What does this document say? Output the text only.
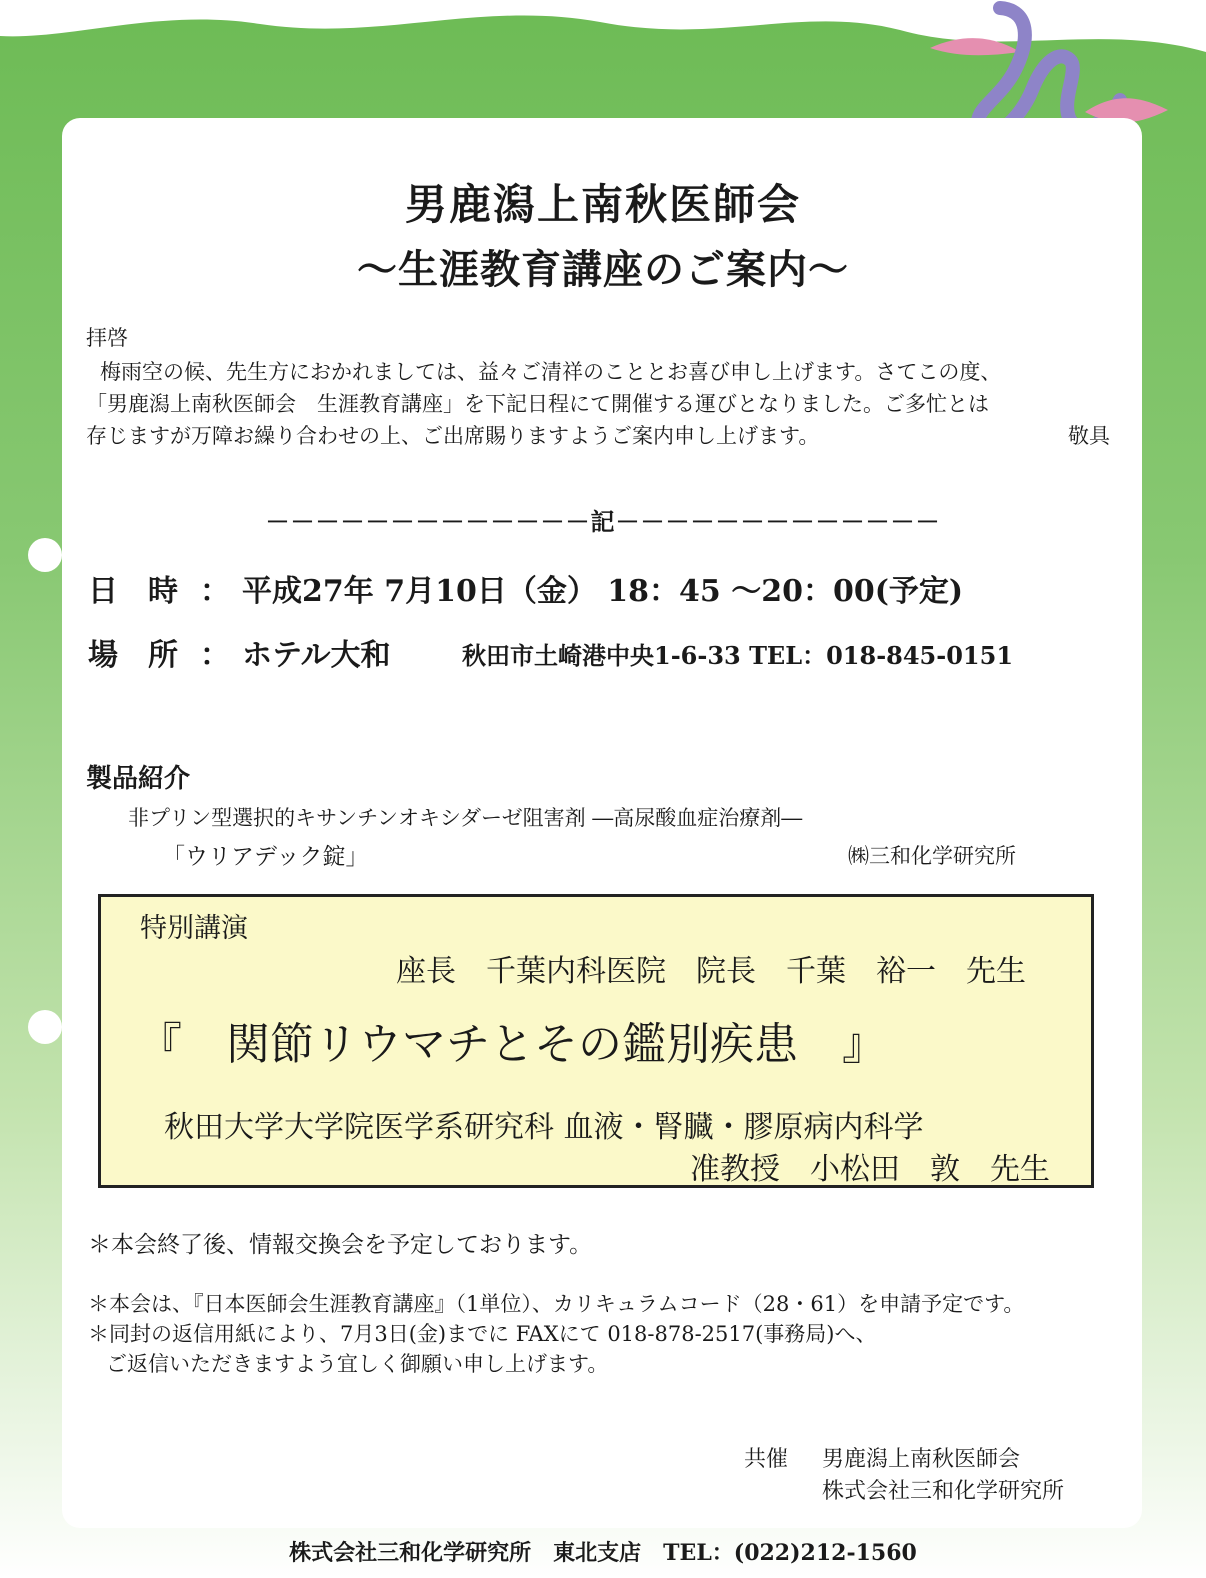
男鹿潟上南秋医師会
～生涯教育講座のご案内～
拝啓
梅雨空の候、先生方におかれましては、益々ご清祥のこととお喜び申し上げます。さてこの度、
「男鹿潟上南秋医師会　生涯教育講座」を下記日程にて開催する運びとなりました。ご多忙とは
存じますが万障お繰り合わせの上、ご出席賜りますようご案内申し上げます。	敬具
－－－－－－－－－－－－－記－－－－－－－－－－－－－
日　時 ： 平成27年 7月10日（金） 18：45 ～20：00(予定)
場　所 ： ホテル大和	秋田市土崎港中央1-6-33 TEL：018-845-0151
製品紹介
非プリン型選択的キサンチンオキシダーゼ阻害剤 ―高尿酸血症治療剤―
「ウリアデック錠」	㈱三和化学研究所
特別講演
座長　千葉内科医院　院長　千葉　裕一　先生
『　関節リウマチとその鑑別疾患　』
秋田大学大学院医学系研究科 血液・腎臓・膠原病内科学
准教授　小松田　敦　先生
＊本会終了後、情報交換会を予定しております。
＊本会は、『日本医師会生涯教育講座』（1単位）、カリキュラムコード（28・61）を申請予定です。
＊同封の返信用紙により、7月3日(金)までに FAXにて 018-878-2517(事務局)へ、
ご返信いただきますよう宜しく御願い申し上げます。
共催 男鹿潟上南秋医師会
株式会社三和化学研究所
株式会社三和化学研究所　東北支店　TEL：(022)212-1560
